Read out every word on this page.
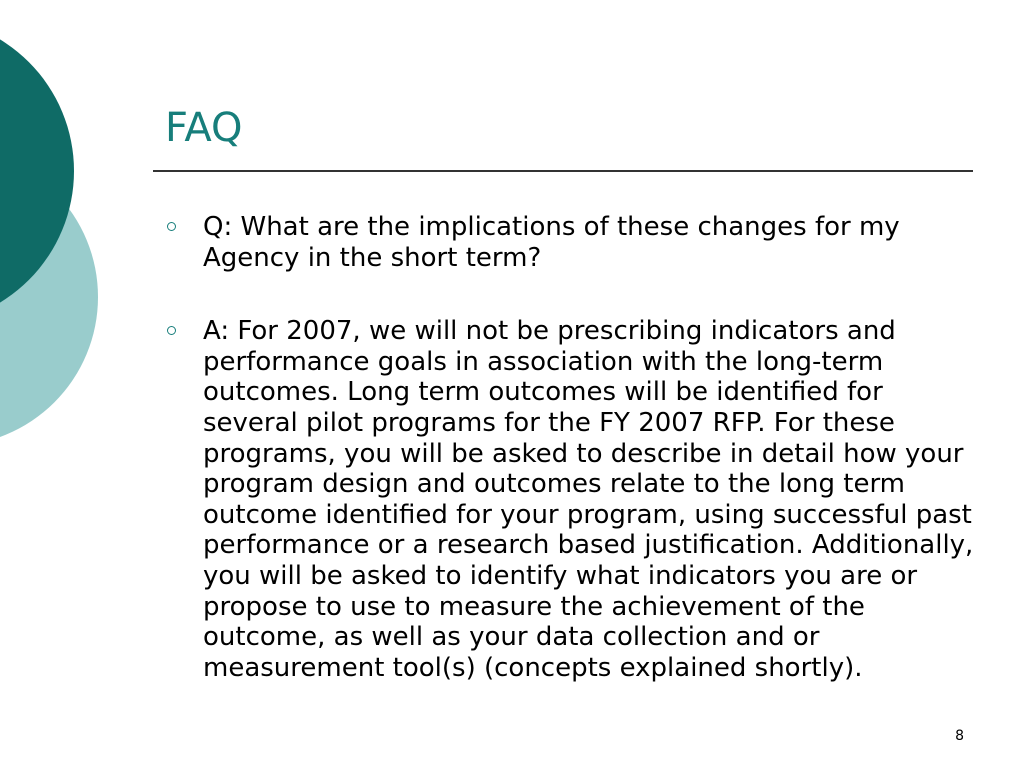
FAQ
Q: What are the implications of these changes for my Agency in the short term?
A: For 2007, we will not be prescribing indicators and performance goals in association with the long-term outcomes. Long term outcomes will be identified for several pilot programs for the FY 2007 RFP. For these programs, you will be asked to describe in detail how your program design and outcomes relate to the long term outcome identified for your program, using successful past performance or a research based justification. Additionally, you will be asked to identify what indicators you are or propose to use to measure the achievement of the outcome, as well as your data collection and or measurement tool(s) (concepts explained shortly).
8
